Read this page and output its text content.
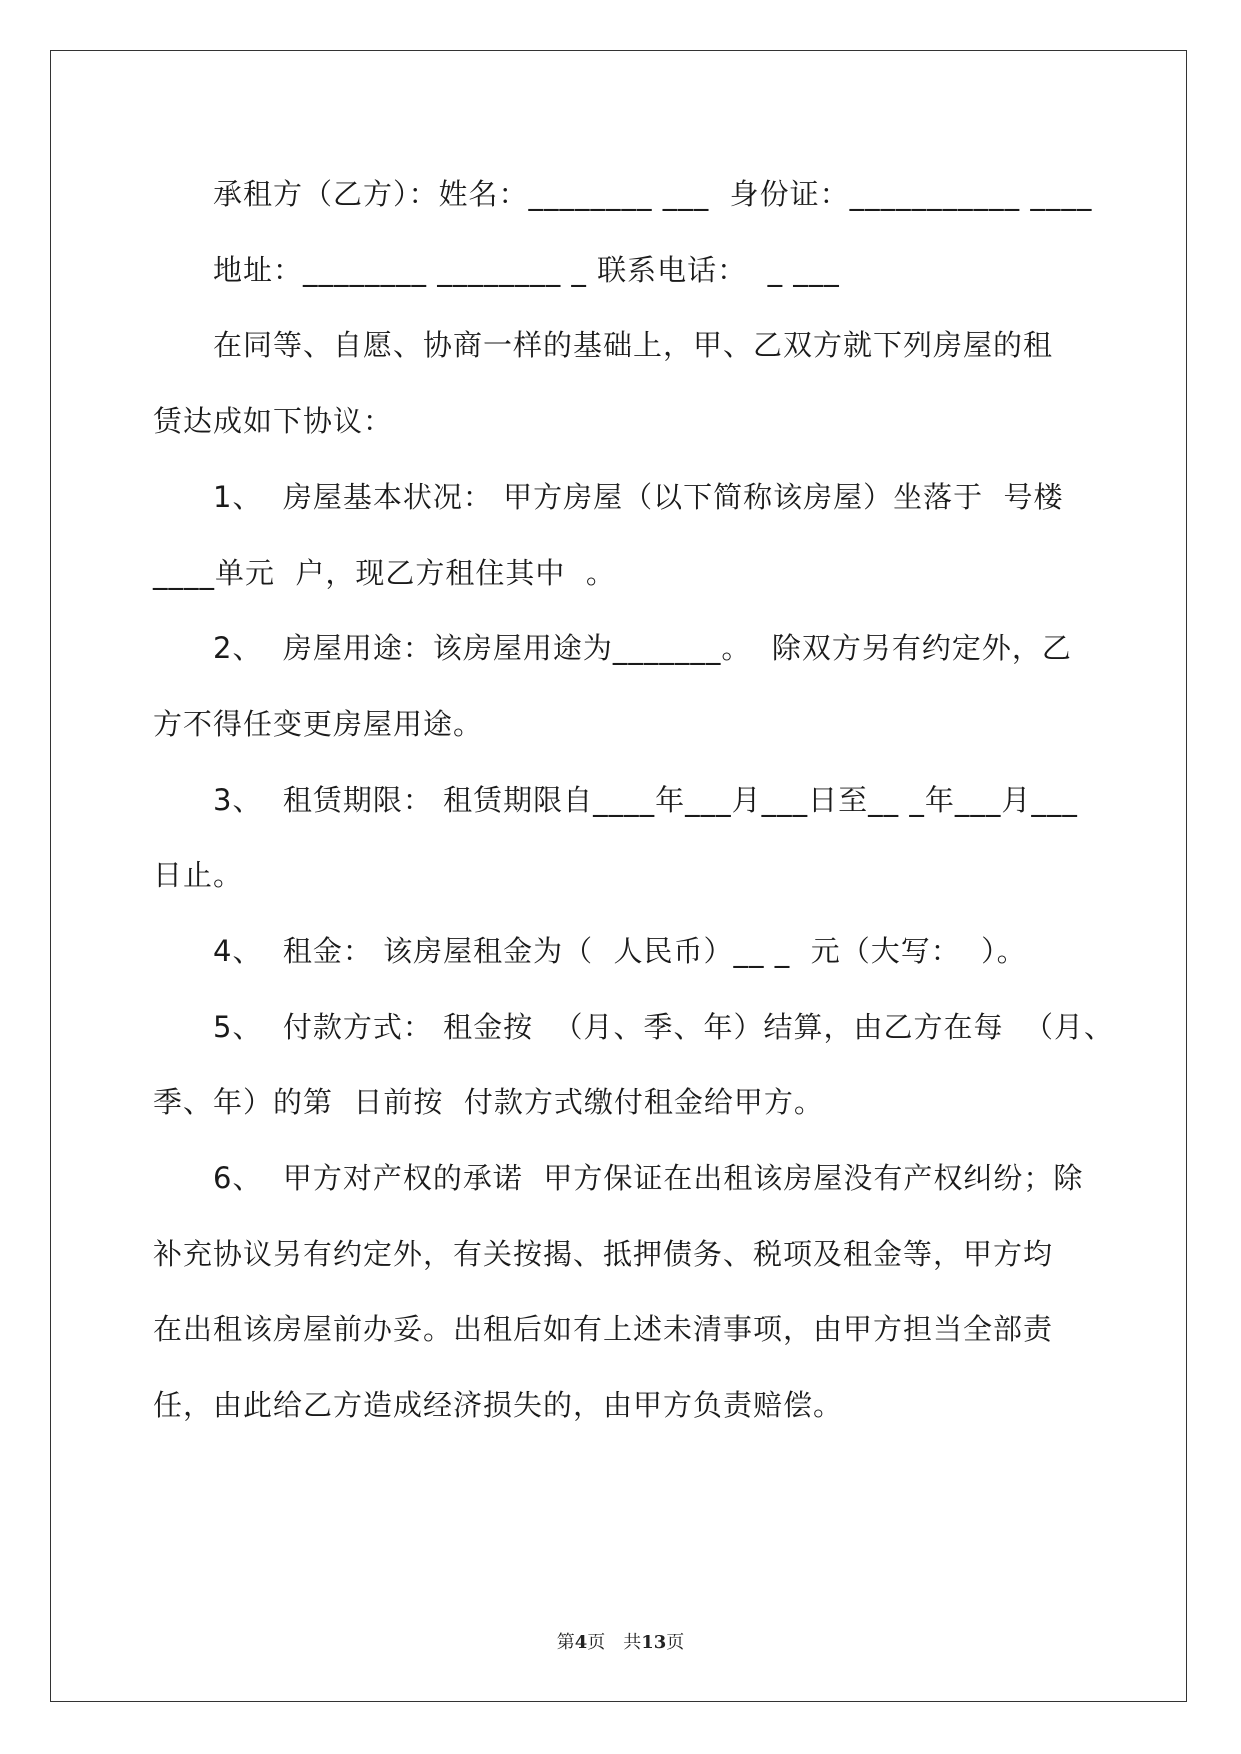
　　承租方（乙方）：姓名：________ ___  身份证：___________ ____
　　地址：________ ________ _ 联系电话：  _ ___
　　在同等、自愿、协商一样的基础上，甲、乙双方就下列房屋的租
赁达成如下协议：
　　1、  房屋基本状况： 甲方房屋（以下简称该房屋）坐落于  号楼
____单元  户，现乙方租住其中  。
　　2、  房屋用途：该房屋用途为_______。  除双方另有约定外，乙
方不得任变更房屋用途。
　　3、  租赁期限： 租赁期限自____年___月___日至__ _年___月___
日止。
　　4、  租金： 该房屋租金为（  人民币）__ _  元（大写：  ）。
　　5、  付款方式： 租金按  （月、季、年）结算，由乙方在每  （月、
季、年）的第  日前按  付款方式缴付租金给甲方。
　　6、  甲方对产权的承诺  甲方保证在出租该房屋没有产权纠纷；除
补充协议另有约定外，有关按揭、抵押债务、税项及租金等，甲方均
在出租该房屋前办妥。出租后如有上述未清事项，由甲方担当全部责
任，由此给乙方造成经济损失的，由甲方负责赔偿。
第4页 共13页
